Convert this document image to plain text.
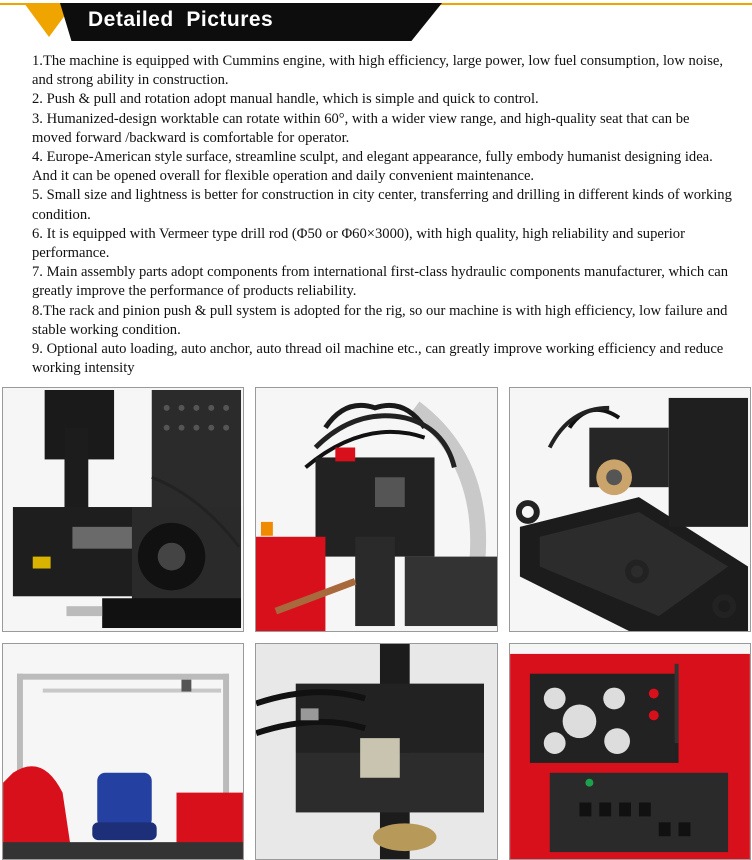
Detailed  Pictures
1.The machine is equipped with Cummins engine, with high efficiency, large power, low fuel consumption, low noise, and strong ability in construction.
2. Push & pull and rotation adopt manual handle, which is simple and quick to control.
3. Humanized-design worktable can rotate within 60°, with a wider view range, and high-quality seat that can be moved forward /backward is comfortable for operator.
4. Europe-American style surface, streamline sculpt, and elegant appearance, fully embody humanist designing idea. And it can be opened overall for flexible operation and daily convenient maintenance.
5. Small size and lightness is better for construction in city center, transferring and drilling in different kinds of working condition.
6. It is equipped with Vermeer type drill rod (Φ50 or Φ60×3000), with high quality, high reliability and superior performance.
7. Main assembly parts adopt components from international first-class hydraulic components manufacturer, which can greatly improve the performance of products reliability.
8.The rack and pinion push & pull system is adopted for the rig, so our machine is with high efficiency, low failure and stable working condition.
9. Optional auto loading, auto anchor, auto thread oil machine etc., can greatly improve working efficiency and reduce working intensity
